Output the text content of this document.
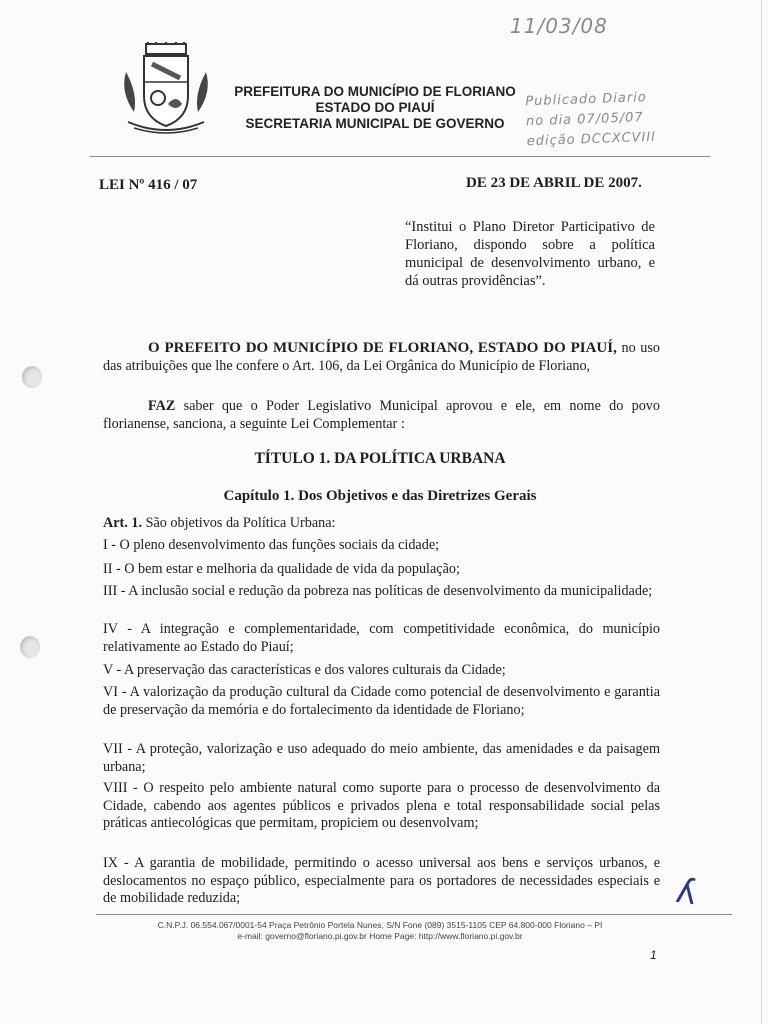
11/03/08
PREFEITURA DO MUNICÍPIO DE FLORIANO
ESTADO DO PIAUÍ
SECRETARIA MUNICIPAL DE GOVERNO
Publicado Diario
no dia 07/05/07
edição DCCXCVIII
LEI Nº 416 / 07	DE 23 DE ABRIL DE 2007.
“Institui o Plano Diretor Participativo de Floriano, dispondo sobre a política municipal de desenvolvimento urbano, e dá outras providências”.
O PREFEITO DO MUNICÍPIO DE FLORIANO, ESTADO DO PIAUÍ, no uso das atribuições que lhe confere o Art. 106, da Lei Orgânica do Município de Floriano,
FAZ saber que o Poder Legislativo Municipal aprovou e ele, em nome do povo florianense, sanciona, a seguinte Lei Complementar :
TÍTULO 1. DA POLÍTICA URBANA
Capítulo 1. Dos Objetivos e das Diretrizes Gerais
Art. 1. São objetivos da Política Urbana:
I - O pleno desenvolvimento das funções sociais da cidade;
II - O bem estar e melhoria da qualidade de vida da população;
III - A inclusão social e redução da pobreza nas políticas de desenvolvimento da municipalidade;
IV - A integração e complementaridade, com competitividade econômica, do município relativamente ao Estado do Piauí;
V - A preservação das características e dos valores culturais da Cidade;
VI - A valorização da produção cultural da Cidade como potencial de desenvolvimento e garantia de preservação da memória e do fortalecimento da identidade de Floriano;
VII - A proteção, valorização e uso adequado do meio ambiente, das amenidades e da paisagem urbana;
VIII - O respeito pelo ambiente natural como suporte para o processo de desenvolvimento da Cidade, cabendo aos agentes públicos e privados plena e total responsabilidade social pelas práticas antiecológicas que permitam, propiciem ou desenvolvam;
IX - A garantia de mobilidade, permitindo o acesso universal aos bens e serviços urbanos, e deslocamentos no espaço público, especialmente para os portadores de necessidades especiais e de mobilidade reduzida;	ʎ
C.N.P.J. 06.554.067/0001-54 Praça Petrônio Portela Nunes, S/N Fone (089) 3515-1105 CEP 64.800-000 Floriano – PI
e-mail: governo@floriano.pi.gov.br Home Page: http://www.floriano.pi.gov.br
1
